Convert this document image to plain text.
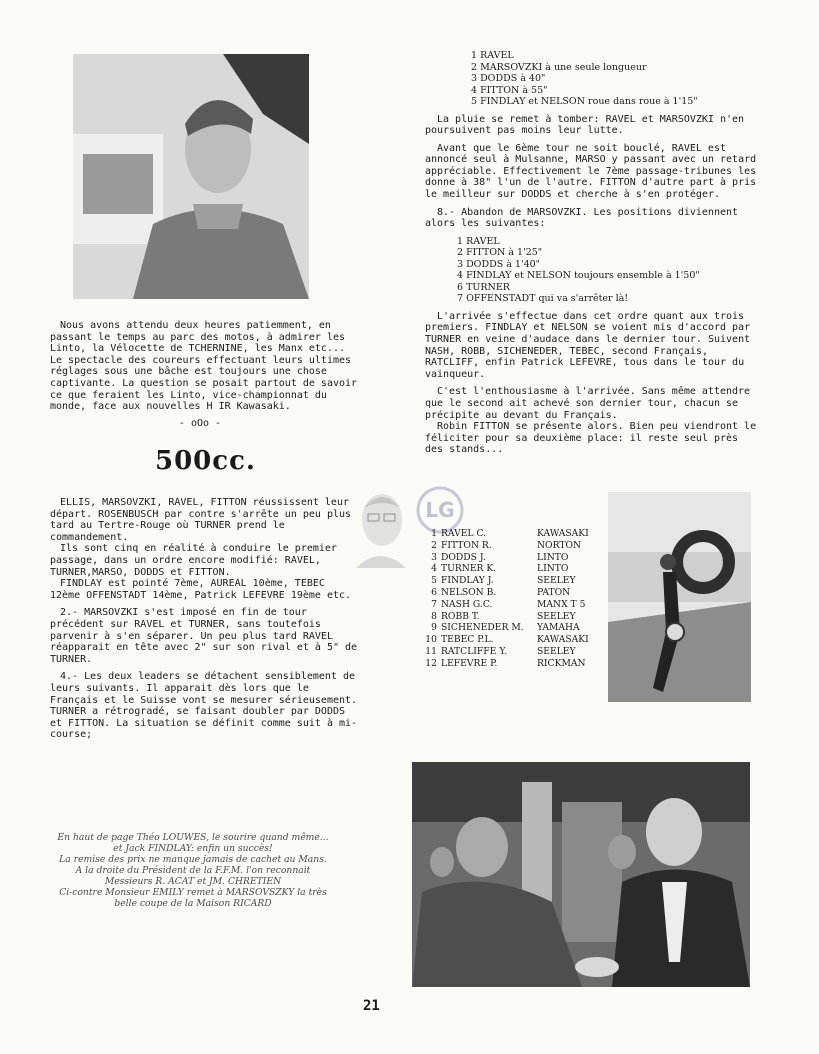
Nous avons attendu deux heures patiemment, en passant le temps au parc des motos, à admirer les Linto, la Vélocette de TCHERNINE, les Manx etc... Le spectacle des coureurs effectuant leurs ultimes réglages sous une bâche est toujours une chose captivante. La question se posait partout de savoir ce que feraient les Linto, vice-championnat du monde, face aux nouvelles H IR Kawasaki.
- oOo -
500cc.

ELLIS, MARSOVZKI, RAVEL, FITTON réussissent leur départ. ROSENBUSCH par contre s'arrête un peu plus tard au Tertre-Rouge où TURNER prend le commandement.

Ils sont cinq en réalité à conduire le premier passage, dans un ordre encore modifié: RAVEL, TURNER,MARSO, DODDS et FITTON.

FINDLAY est pointé 7ème, AUREAL 10ème, TEBEC 12ème OFFENSTADT 14ème, Patrick LEFEVRE 19ème etc.

2.- MARSOVZKI s'est imposé en fin de tour précédent sur RAVEL et TURNER, sans toutefois parvenir à s'en séparer. Un peu plus tard RAVEL réapparait en tête avec 2" sur son rival et à 5" de TURNER.

4.- Les deux leaders se détachent sensiblement de leurs suivants. Il apparait dès lors que le Français et le Suisse vont se mesurer sérieusement. TURNER a rétrogradé, se faisant doubler par DODDS et FITTON. La situation se définit comme suit à mi-course;

1 RAVEL
2 MARSOVZKI à une seule longueur
3 DODDS à 40"
4 FITTON à 55"
5 FINDLAY et NELSON roue dans roue à 1'15"

La pluie se remet à tomber: RAVEL et MARSOVZKI n'en poursuivent pas moins leur lutte.

Avant que le 6ème tour ne soit bouclé, RAVEL est annoncé seul à Mulsanne, MARSO y passant avec un retard appréciable. Effectivement le 7ème passage-tribunes les donne à 38" l'un de l'autre. FITTON d'autre part à pris le meilleur sur DODDS et cherche à s'en protéger.

8.- Abandon de MARSOVZKI. Les positions diviennent alors les suivantes:

1 RAVEL
2 FITTON à 1'25"
3 DODDS à 1'40"
4 FINDLAY et NELSON toujours ensemble à 1'50"
6 TURNER
7 OFFENSTADT qui va s'arrêter là!

L'arrivée s'effectue dans cet ordre quant aux trois premiers. FINDLAY et NELSON se voient mis d'accord par TURNER en veine d'audace dans le dernier tour. Suivent NASH, ROBB, SICHENEDER, TEBEC, second Français, RATCLIFF, enfin Patrick LEFEVRE, tous dans le tour du vainqueur.

C'est l'enthousiasme à l'arrivée. Sans même attendre que le second ait achevé son dernier tour, chacun se précipite au devant du Français.

Robin FITTON se présente alors. Bien peu viendront le féliciter pour sa deuxième place: il reste seul près des stands...

LG
1 RAVEL C.	KAWASAKI
2 FITTON R.	NORTON
3 DODDS J.	LINTO
4 TURNER K.	LINTO
5 FINDLAY J.	SEELEY
6 NELSON B.	PATON
7 NASH G.C.	MANX T 5
8 ROBB T.	SEELEY
9 SICHENEDER M.	YAMAHA
10 TEBEC P.L.	KAWASAKI
11 RATCLIFFE Y.	SEELEY
12 LEFEVRE P.	RICKMAN
En haut de page Théo LOUWES, le sourire quand même...
et Jack FINDLAY: enfin un succès!
La remise des prix ne manque jamais de cachet au Mans.
A la droite du Président de la F.F.M. l'on reconnait
Messieurs R. ACAT et JM. CHRETIEN
Ci-contre Monsieur EMILY remet à MARSOVSZKY la très
belle coupe de la Maison RICARD
21
